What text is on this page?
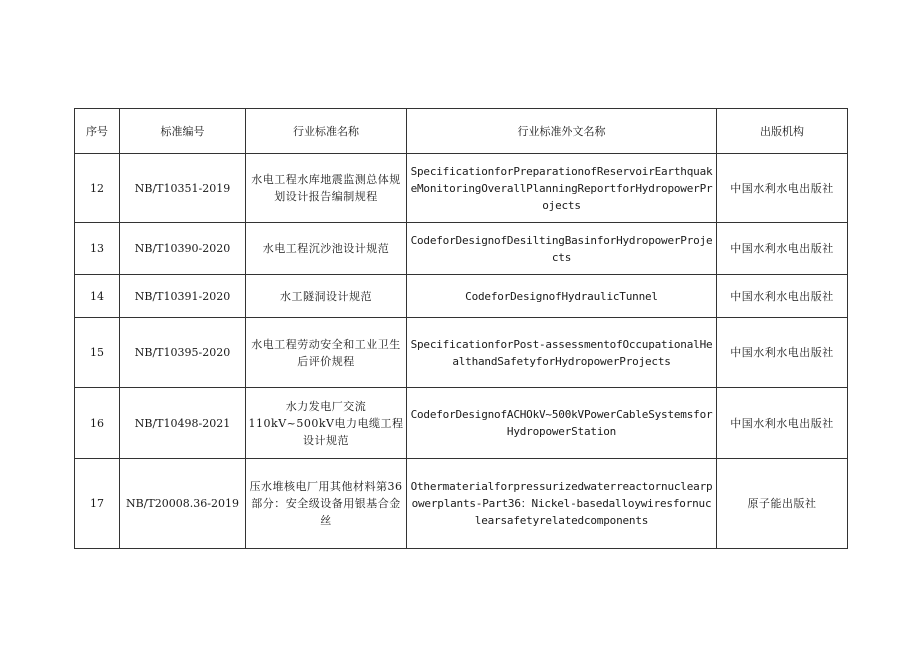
序号	标准编号	行业标准名称	行业标准外文名称	出版机构
12	NB/T10351-2019	水电工程水库地震监测总体规划设计报告编制规程	SpecificationforPreparationofReservoirEarthquakeMonitoringOverallPlanningReportforHydropowerProjects	中国水利水电出版社
13	NB/T10390-2020	水电工程沉沙池设计规范	CodeforDesignofDesiltingBasinforHydropowerProjects	中国水利水电出版社
14	NB/T10391-2020	水工隧洞设计规范	CodeforDesignofHydraulicTunnel	中国水利水电出版社
15	NB/T10395-2020	水电工程劳动安全和工业卫生后评价规程	SpecificationforPost-assessmentofOccupationalHealthandSafetyforHydropowerProjects	中国水利水电出版社
16	NB/T10498-2021	水力发电厂交流110kV~500kV电力电缆工程设计规范	CodeforDesignofACHOkV~500kVPowerCableSystemsforHydropowerStation	中国水利水电出版社
17	NB/T20008.36-2019	压水堆核电厂用其他材料第36部分：安全级设备用银基合金丝	Othermaterialforpressurizedwaterreactornuclearpowerplants-Part36：Nickel-basedalloywiresfornuclearsafetyrelatedcomponents	原子能出版社
